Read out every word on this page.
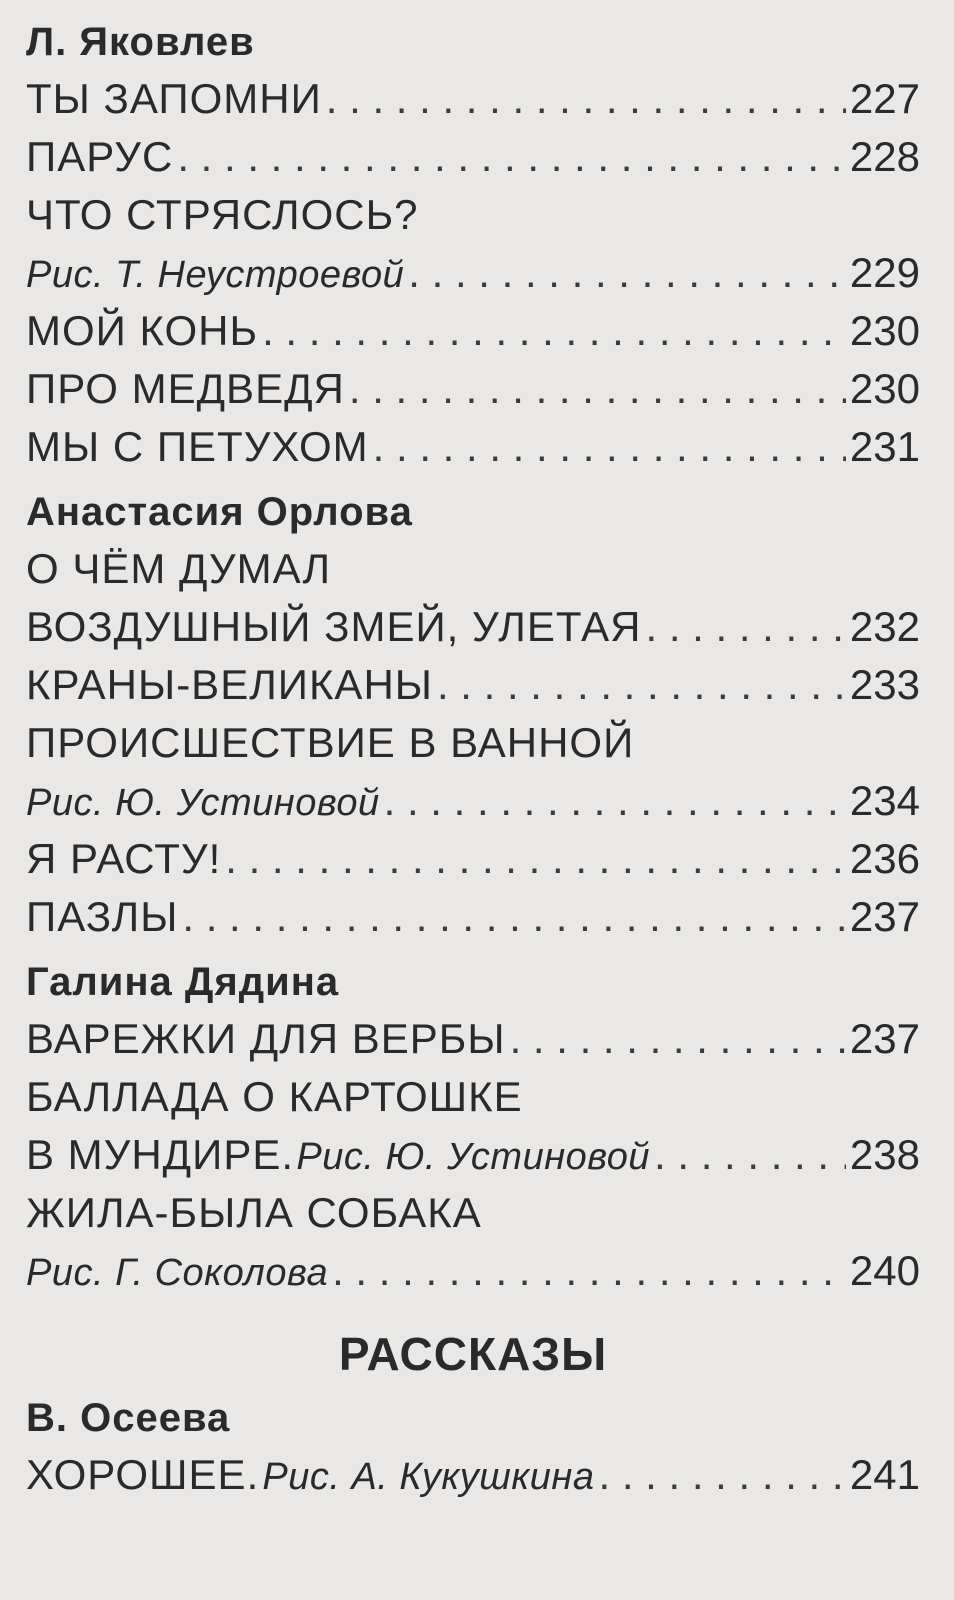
Л. Яковлев
ТЫ ЗАПОМНИ . . .	227
ПАРУС . . .	228
ЧТО СТРЯСЛОСЬ?
Рис. Т. Неустроевой . . .	229
МОЙ КОНЬ . . .	230
ПРО МЕДВЕДЯ . . .	230
МЫ С ПЕТУХОМ . . .	231
Анастасия Орлова
О ЧЁМ ДУМАЛ
ВОЗДУШНЫЙ ЗМЕЙ, УЛЕТАЯ . . .	232
КРАНЫ-ВЕЛИКАНЫ . . .	233
ПРОИСШЕСТВИЕ В ВАННОЙ
Рис. Ю. Устиновой . . .	234
Я РАСТУ! . . .	236
ПАЗЛЫ . . .	237
Галина Дядина
ВАРЕЖКИ ДЛЯ ВЕРБЫ . . .	237
БАЛЛАДА О КАРТОШКЕ
В МУНДИРЕ. Рис. Ю. Устиновой . . .	238
ЖИЛА-БЫЛА СОБАКА
Рис. Г. Соколова . . .	240
РАССКАЗЫ
В. Осеева
ХОРОШЕЕ. Рис. А. Кукушкина . . .	241
